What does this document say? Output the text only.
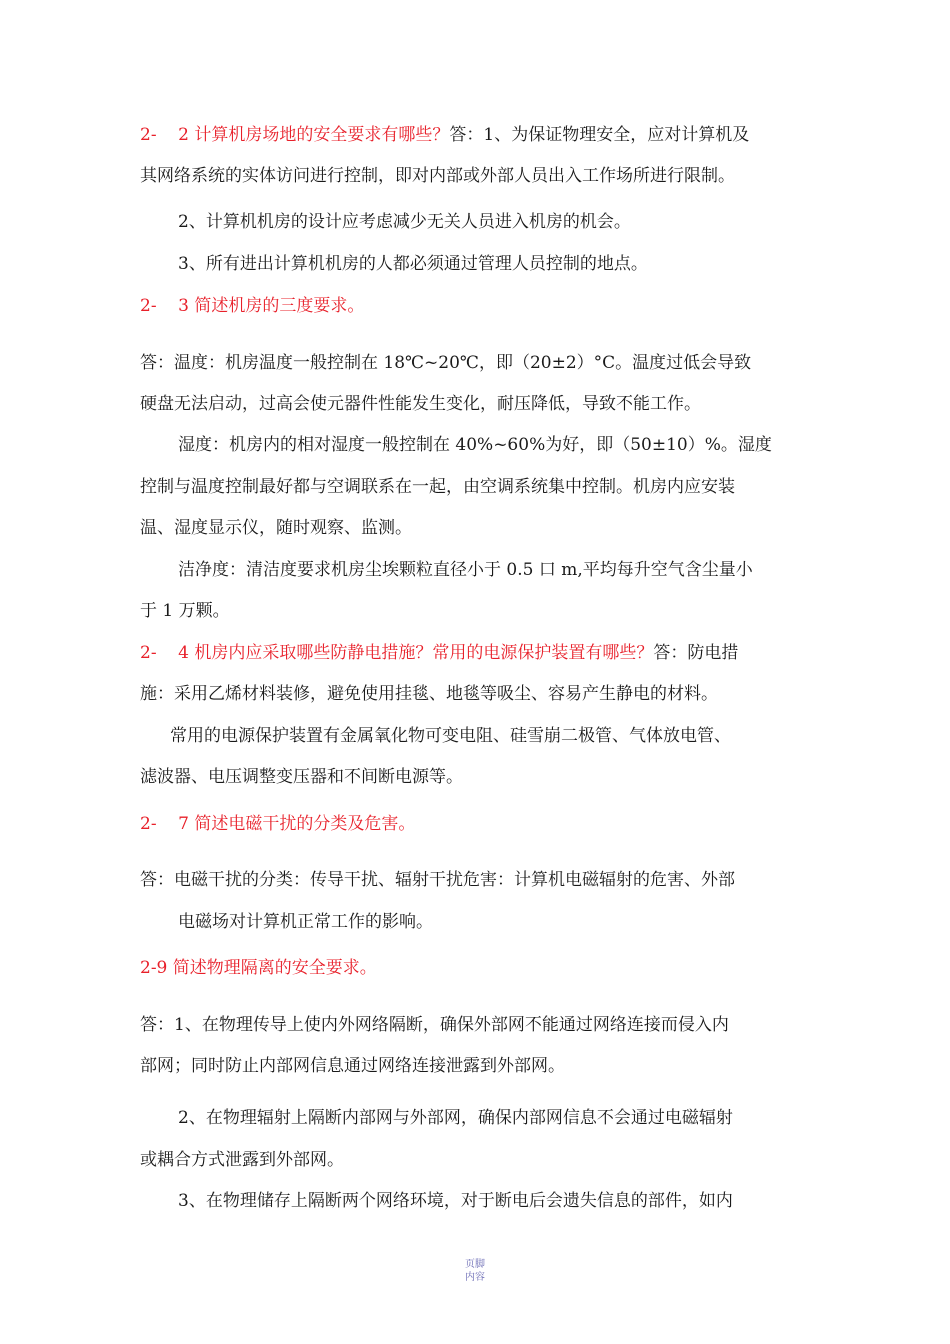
2-    2 计算机房场地的安全要求有哪些？答：1、为保证物理安全，应对计算机及
其网络系统的实体访问进行控制，即对内部或外部人员出入工作场所进行限制。
2、计算机机房的设计应考虑减少无关人员进入机房的机会。
3、所有进出计算机机房的人都必须通过管理人员控制的地点。
2-    3 简述机房的三度要求。
答：温度：机房温度一般控制在 18℃~20℃，即（20±2）°C。温度过低会导致
硬盘无法启动，过高会使元器件性能发生变化，耐压降低，导致不能工作。
湿度：机房内的相对湿度一般控制在 40%~60%为好，即（50±10）%。湿度
控制与温度控制最好都与空调联系在一起，由空调系统集中控制。机房内应安装
温、湿度显示仪，随时观察、监测。
洁净度：清洁度要求机房尘埃颗粒直径小于 0.5 口 m,平均每升空气含尘量小
于 1 万颗。
2-    4 机房内应采取哪些防静电措施？常用的电源保护装置有哪些？答：防电措
施：采用乙烯材料装修，避免使用挂毯、地毯等吸尘、容易产生静电的材料。
常用的电源保护装置有金属氧化物可变电阻、硅雪崩二极管、气体放电管、
滤波器、电压调整变压器和不间断电源等。
2-    7 简述电磁干扰的分类及危害。
答：电磁干扰的分类：传导干扰、辐射干扰危害：计算机电磁辐射的危害、外部
电磁场对计算机正常工作的影响。
2-9 简述物理隔离的安全要求。
答：1、在物理传导上使内外网络隔断，确保外部网不能通过网络连接而侵入内
部网；同时防止内部网信息通过网络连接泄露到外部网。
2、在物理辐射上隔断内部网与外部网，确保内部网信息不会通过电磁辐射
或耦合方式泄露到外部网。
3、在物理储存上隔断两个网络环境，对于断电后会遗失信息的部件，如内
页脚
内容
